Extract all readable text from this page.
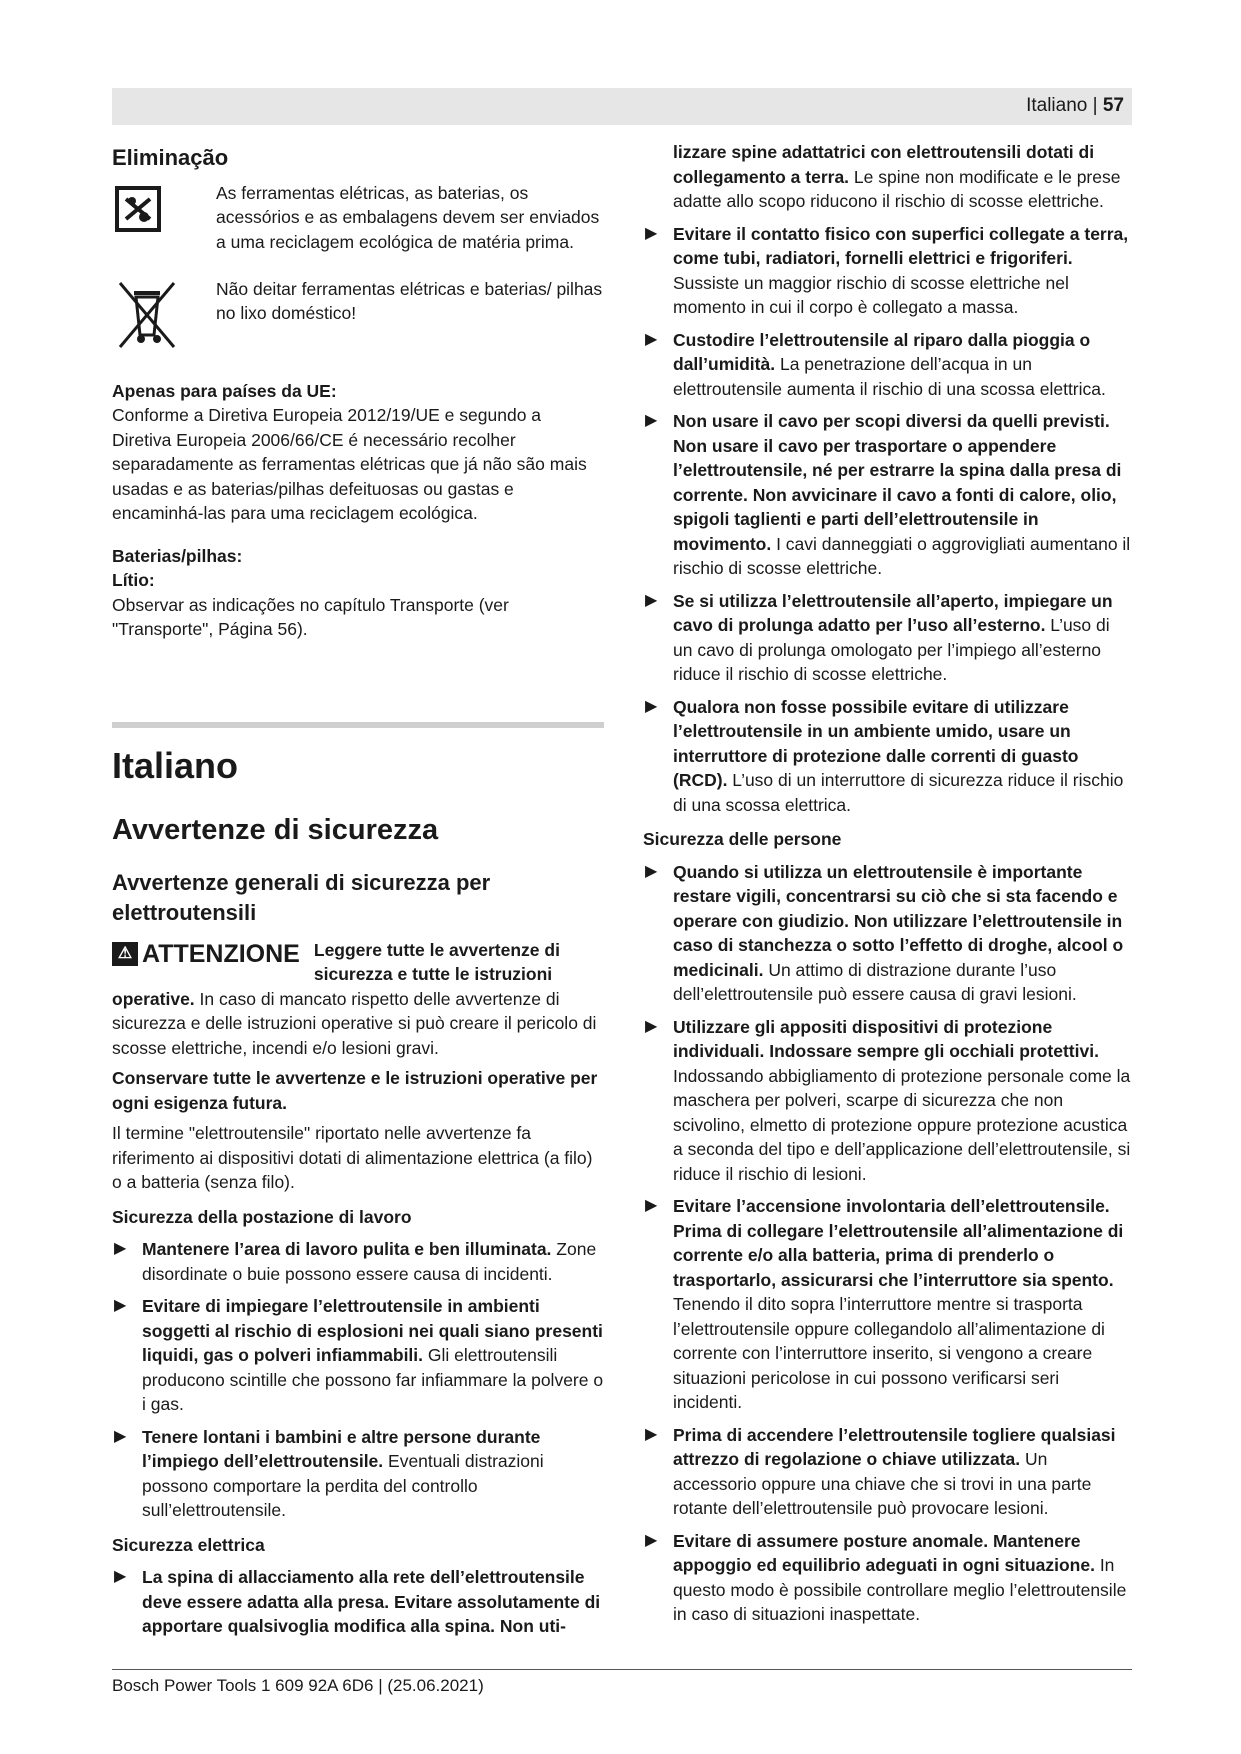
Italiano | 57
Eliminação

As ferramentas elétricas, as baterias, os acessórios e as embalagens devem ser enviados a uma reciclagem ecológica de matéria prima.

Não deitar ferramentas elétricas e baterias/ pilhas no lixo doméstico!

Apenas para países da UE:

Conforme a Diretiva Europeia 2012/19/UE e segundo a Diretiva Europeia 2006/66/CE é necessário recolher separadamente as ferramentas elétricas que já não são mais usadas e as baterias/pilhas defeituosas ou gastas e encaminhá-las para uma reciclagem ecológica.

Baterias/pilhas:

Lítio:

Observar as indicações no capítulo Transporte (ver "Transporte", Página 56).

Italiano
Avvertenze di sicurezza
Avvertenze generali di sicurezza per elettroutensili
⚠ ATTENZIONE Leggere tutte le avvertenze di sicurezza e tutte le istruzioni operative. In caso di mancato rispetto delle avvertenze di sicurezza e delle istruzioni operative si può creare il pericolo di scosse elettriche, incendi e/o lesioni gravi.

Conservare tutte le avvertenze e le istruzioni operative per ogni esigenza futura.

Il termine "elettroutensile" riportato nelle avvertenze fa riferimento ai dispositivi dotati di alimentazione elettrica (a filo) o a batteria (senza filo).

Sicurezza della postazione di lavoro

▶ Mantenere l’area di lavoro pulita e ben illuminata. Zone disordinate o buie possono essere causa di incidenti.
▶ Evitare di impiegare l’elettroutensile in ambienti soggetti al rischio di esplosioni nei quali siano presenti liquidi, gas o polveri infiammabili. Gli elettroutensili producono scintille che possono far infiammare la polvere o i gas.
▶ Tenere lontani i bambini e altre persone durante l’impiego dell’elettroutensile. Eventuali distrazioni possono comportare la perdita del controllo sull’elettroutensile.

Sicurezza elettrica

▶ La spina di allacciamento alla rete dell’elettroutensile deve essere adatta alla presa. Evitare assolutamente di apportare qualsivoglia modifica alla spina. Non uti-

lizzare spine adattatrici con elettroutensili dotati di collegamento a terra. Le spine non modificate e le prese adatte allo scopo riducono il rischio di scosse elettriche.

▶ Evitare il contatto fisico con superfici collegate a terra, come tubi, radiatori, fornelli elettrici e frigoriferi. Sussiste un maggior rischio di scosse elettriche nel momento in cui il corpo è collegato a massa.
▶ Custodire l’elettroutensile al riparo dalla pioggia o dall’umidità. La penetrazione dell’acqua in un elettroutensile aumenta il rischio di una scossa elettrica.
▶ Non usare il cavo per scopi diversi da quelli previsti. Non usare il cavo per trasportare o appendere l’elettroutensile, né per estrarre la spina dalla presa di corrente. Non avvicinare il cavo a fonti di calore, olio, spigoli taglienti e parti dell’elettroutensile in movimento. I cavi danneggiati o aggrovigliati aumentano il rischio di scosse elettriche.
▶ Se si utilizza l’elettroutensile all’aperto, impiegare un cavo di prolunga adatto per l’uso all’esterno. L’uso di un cavo di prolunga omologato per l’impiego all’esterno riduce il rischio di scosse elettriche.
▶ Qualora non fosse possibile evitare di utilizzare l’elettroutensile in un ambiente umido, usare un interruttore di protezione dalle correnti di guasto (RCD). L’uso di un interruttore di sicurezza riduce il rischio di una scossa elettrica.

Sicurezza delle persone

▶ Quando si utilizza un elettroutensile è importante restare vigili, concentrarsi su ciò che si sta facendo e operare con giudizio. Non utilizzare l’elettroutensile in caso di stanchezza o sotto l’effetto di droghe, alcool o medicinali. Un attimo di distrazione durante l’uso dell’elettroutensile può essere causa di gravi lesioni.
▶ Utilizzare gli appositi dispositivi di protezione individuali. Indossare sempre gli occhiali protettivi. Indossando abbigliamento di protezione personale come la maschera per polveri, scarpe di sicurezza che non scivolino, elmetto di protezione oppure protezione acustica a seconda del tipo e dell’applicazione dell’elettroutensile, si riduce il rischio di lesioni.
▶ Evitare l’accensione involontaria dell’elettroutensile. Prima di collegare l’elettroutensile all’alimentazione di corrente e/o alla batteria, prima di prenderlo o trasportarlo, assicurarsi che l’interruttore sia spento. Tenendo il dito sopra l’interruttore mentre si trasporta l’elettroutensile oppure collegandolo all’alimentazione di corrente con l’interruttore inserito, si vengono a creare situazioni pericolose in cui possono verificarsi seri incidenti.
▶ Prima di accendere l’elettroutensile togliere qualsiasi attrezzo di regolazione o chiave utilizzata. Un accessorio oppure una chiave che si trovi in una parte rotante dell’elettroutensile può provocare lesioni.
▶ Evitare di assumere posture anomale. Mantenere appoggio ed equilibrio adeguati in ogni situazione. In questo modo è possibile controllare meglio l’elettroutensile in caso di situazioni inaspettate.
Bosch Power Tools 1 609 92A 6D6 | (25.06.2021)
